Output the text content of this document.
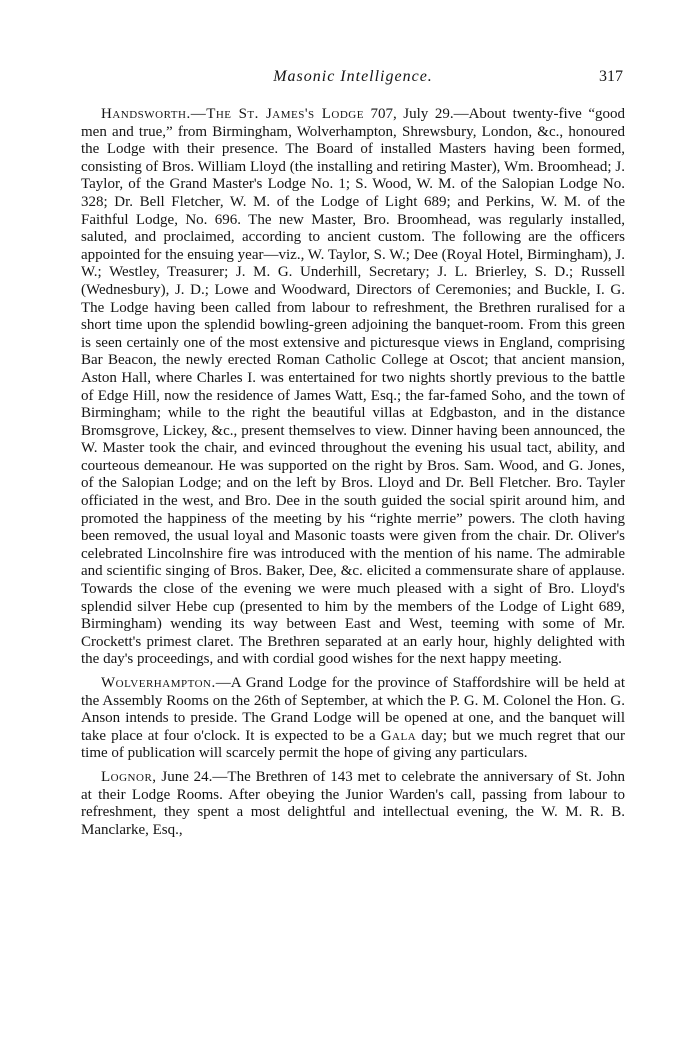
Masonic Intelligence.	317

Handsworth.—The St. James's Lodge 707, July 29.—About twenty-five “good men and true,” from Birmingham, Wolverhampton, Shrewsbury, London, &c., honoured the Lodge with their presence. The Board of installed Masters having been formed, consisting of Bros. William Lloyd (the installing and retiring Master), Wm. Broomhead; J. Taylor, of the Grand Master's Lodge No. 1; S. Wood, W. M. of the Salopian Lodge No. 328; Dr. Bell Fletcher, W. M. of the Lodge of Light 689; and Perkins, W. M. of the Faithful Lodge, No. 696. The new Master, Bro. Broomhead, was regularly installed, saluted, and proclaimed, according to ancient custom. The following are the officers appointed for the ensuing year—viz., W. Taylor, S. W.; Dee (Royal Hotel, Birmingham), J. W.; Westley, Treasurer; J. M. G. Underhill, Secretary; J. L. Brierley, S. D.; Russell (Wednesbury), J. D.; Lowe and Woodward, Directors of Ceremonies; and Buckle, I. G. The Lodge having been called from labour to refreshment, the Brethren ruralised for a short time upon the splendid bowling-green adjoining the banquet-room. From this green is seen certainly one of the most extensive and picturesque views in England, comprising Bar Beacon, the newly erected Roman Catholic College at Oscot; that ancient mansion, Aston Hall, where Charles I. was entertained for two nights shortly previous to the battle of Edge Hill, now the residence of James Watt, Esq.; the far-famed Soho, and the town of Birmingham; while to the right the beautiful villas at Edgbaston, and in the distance Bromsgrove, Lickey, &c., present themselves to view. Dinner having been announced, the W. Master took the chair, and evinced throughout the evening his usual tact, ability, and courteous demeanour. He was supported on the right by Bros. Sam. Wood, and G. Jones, of the Salopian Lodge; and on the left by Bros. Lloyd and Dr. Bell Fletcher. Bro. Tayler officiated in the west, and Bro. Dee in the south guided the social spirit around him, and promoted the happiness of the meeting by his “righte merrie” powers. The cloth having been removed, the usual loyal and Masonic toasts were given from the chair. Dr. Oliver's celebrated Lincolnshire fire was introduced with the mention of his name. The admirable and scientific singing of Bros. Baker, Dee, &c. elicited a commensurate share of applause. Towards the close of the evening we were much pleased with a sight of Bro. Lloyd's splendid silver Hebe cup (presented to him by the members of the Lodge of Light 689, Birmingham) wending its way between East and West, teeming with some of Mr. Crockett's primest claret. The Brethren separated at an early hour, highly delighted with the day's proceedings, and with cordial good wishes for the next happy meeting.

Wolverhampton.—A Grand Lodge for the province of Staffordshire will be held at the Assembly Rooms on the 26th of September, at which the P. G. M. Colonel the Hon. G. Anson intends to preside. The Grand Lodge will be opened at one, and the banquet will take place at four o'clock. It is expected to be a Gala day; but we much regret that our time of publication will scarcely permit the hope of giving any particulars.

Lognor, June 24.—The Brethren of 143 met to celebrate the anniversary of St. John at their Lodge Rooms. After obeying the Junior Warden's call, passing from labour to refreshment, they spent a most delightful and intellectual evening, the W. M. R. B. Manclarke, Esq.,
